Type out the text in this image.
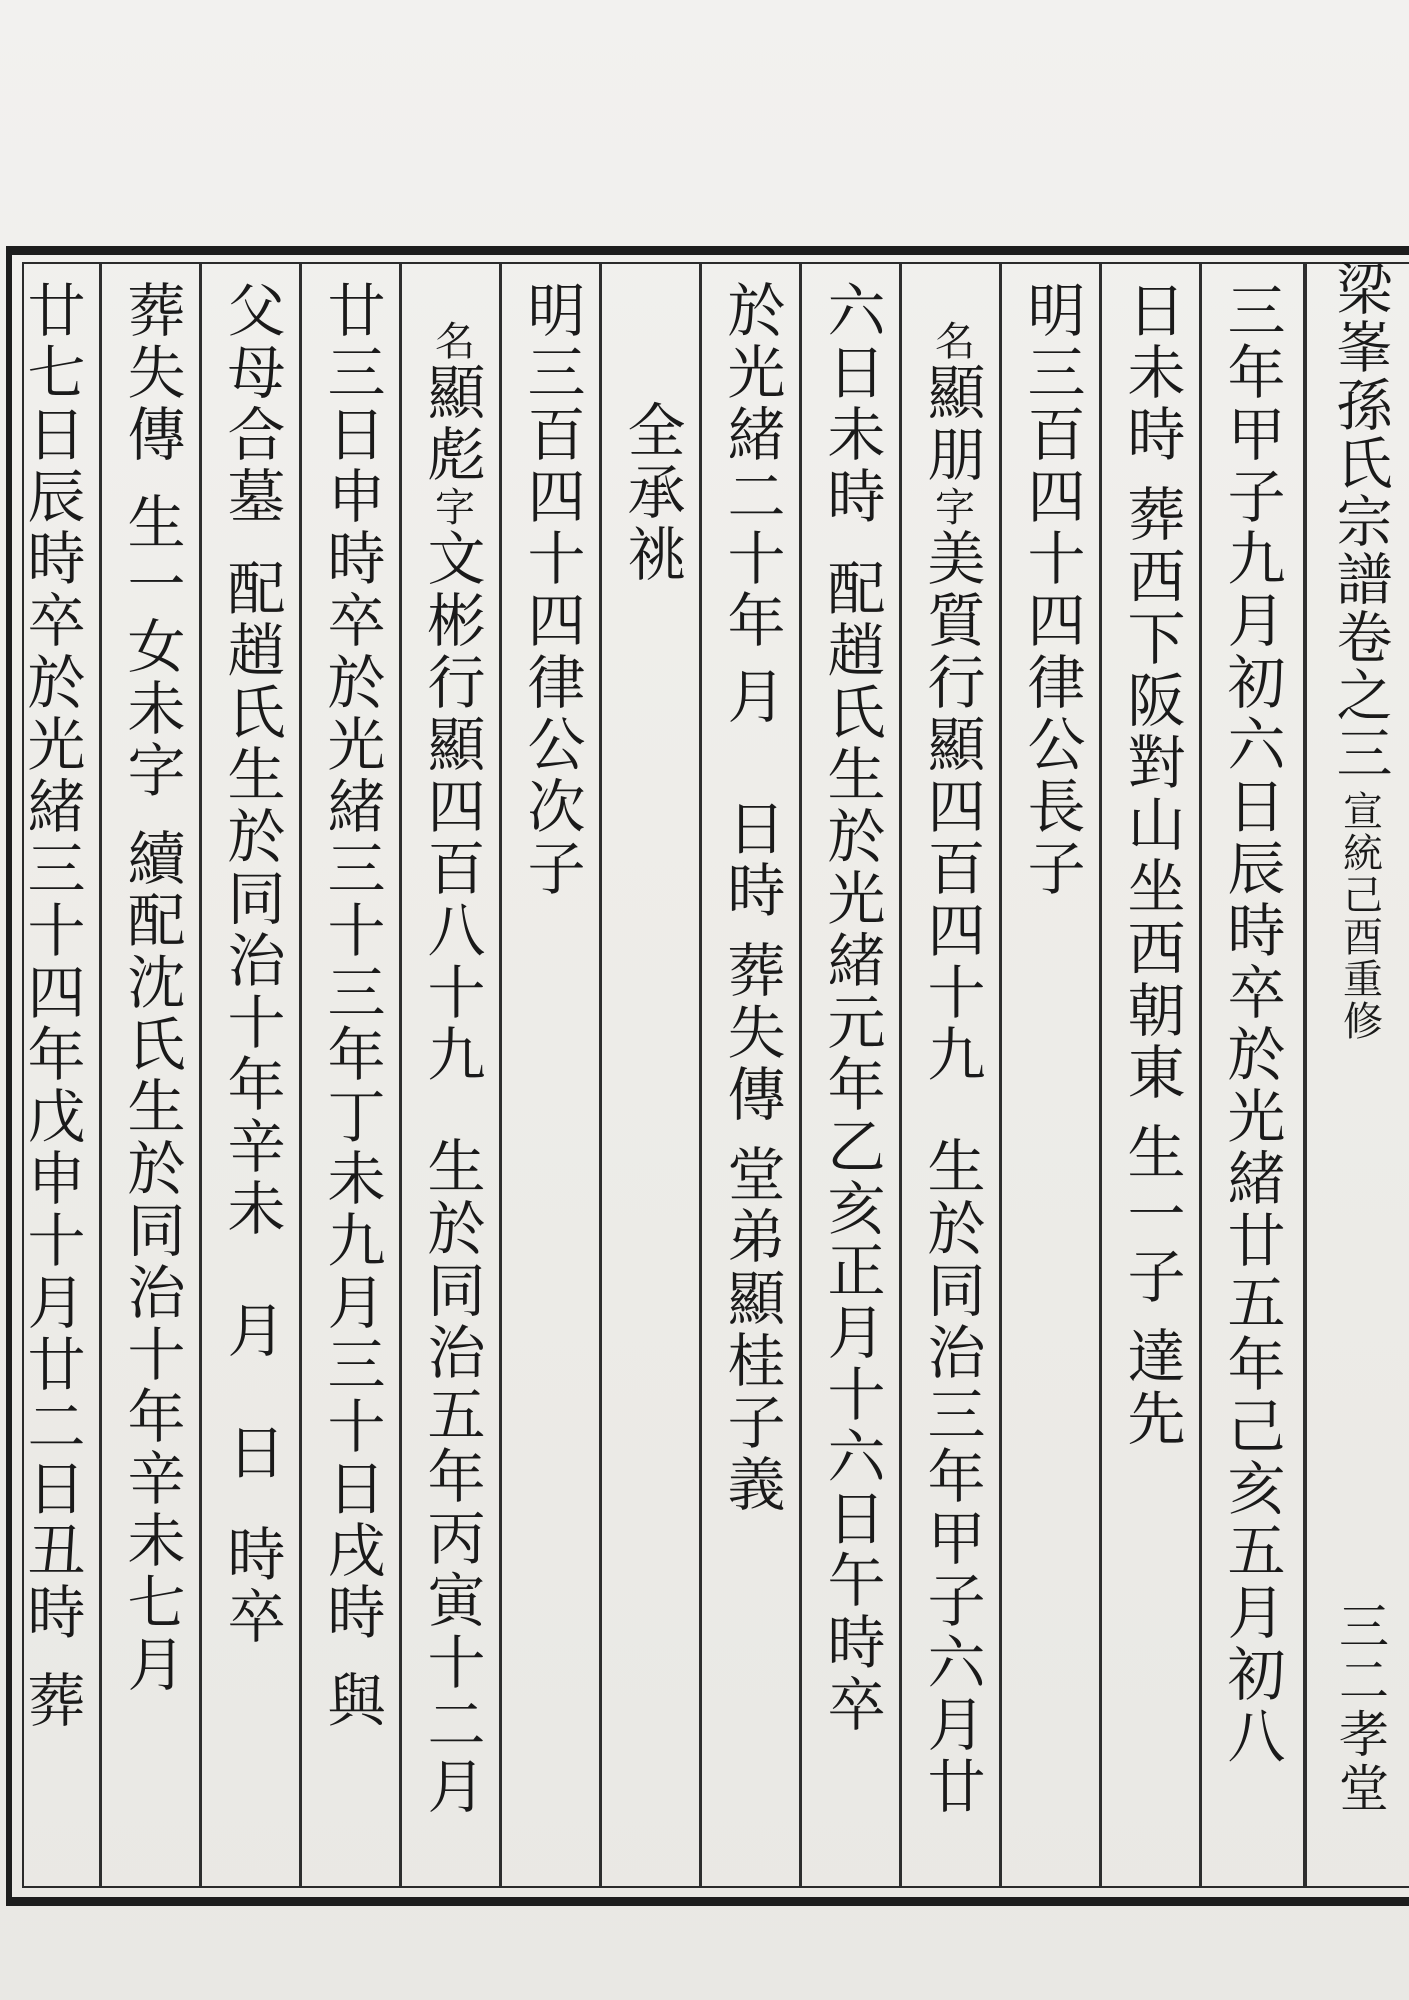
梁峯孫氏宗譜
卷之三
宣統己酉重修
三二
孝堂
三年甲子九月初六日辰時卒於光緒廿五年己亥五月初八
日未時
葬西下阪對山坐西朝東
生一子
達先
明三百四十四律公長子
名
顯朋
字
美質行顯四百四十九
生於同治三年甲子六月廿
六日未時
配趙氏生於光緒元年乙亥正月十六日午時卒
於光緒二十年
月
日時
葬失傳
堂弟顯桂子義
全承祧
明三百四十四律公次子
名
顯彪
字
文彬行顯四百八十九
生於同治五年丙寅十二月
廿三日申時卒於光緒三十三年丁未九月三十日戌時
與
父母合墓
配趙氏生於同治十年辛未
月
日
時卒
葬失傳
生一女未字
續配沈氏生於同治十年辛未七月
廿七日辰時卒於光緒三十四年戊申十月廿二日丑時
葬
